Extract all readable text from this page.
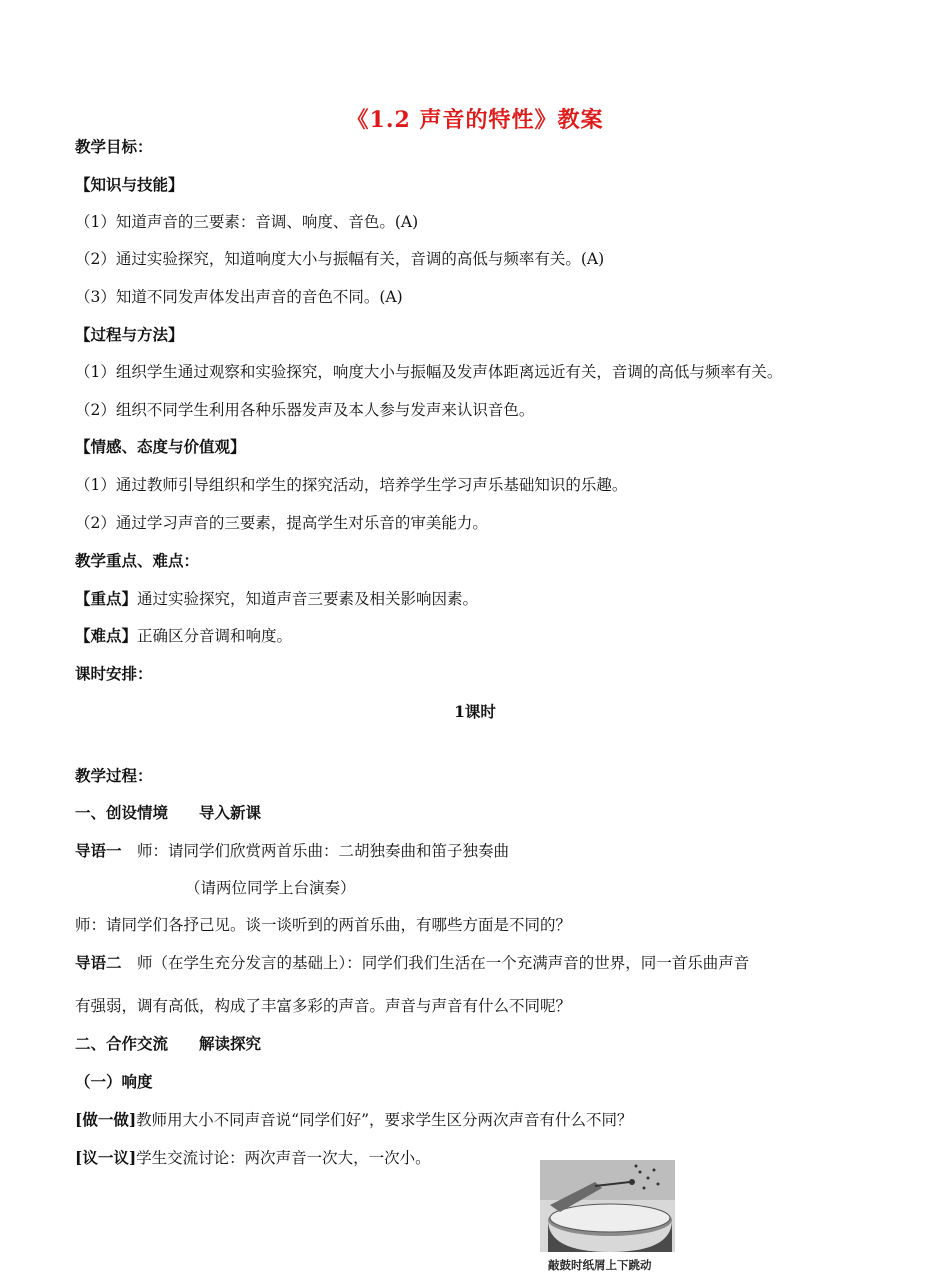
《1.2 声音的特性》教案
教学目标：
【知识与技能】
（1）知道声音的三要素：音调、响度、音色。(A)
（2）通过实验探究，知道响度大小与振幅有关，音调的高低与频率有关。(A)
（3）知道不同发声体发出声音的音色不同。(A)
【过程与方法】
（1）组织学生通过观察和实验探究，响度大小与振幅及发声体距离远近有关，音调的高低与频率有关。
（2）组织不同学生利用各种乐器发声及本人参与发声来认识音色。
【情感、态度与价值观】
（1）通过教师引导组织和学生的探究活动，培养学生学习声乐基础知识的乐趣。
（2）通过学习声音的三要素，提高学生对乐音的审美能力。
教学重点、难点：
【重点】通过实验探究，知道声音三要素及相关影响因素。
【难点】正确区分音调和响度。
课时安排：
1课时
教学过程：
一、创设情境　　导入新课
导语一　师：请同学们欣赏两首乐曲：二胡独奏曲和笛子独奏曲
（请两位同学上台演奏）
师：请同学们各抒己见。谈一谈听到的两首乐曲，有哪些方面是不同的？
导语二　师（在学生充分发言的基础上）：同学们我们生活在一个充满声音的世界，同一首乐曲声音
有强弱，调有高低，构成了丰富多彩的声音。声音与声音有什么不同呢？
二、合作交流　　解读探究
（一）响度
[做一做]教师用大小不同声音说“同学们好”，要求学生区分两次声音有什么不同？
[议一议]学生交流讨论：两次声音一次大，一次小。
敲鼓时纸屑上下跳动
